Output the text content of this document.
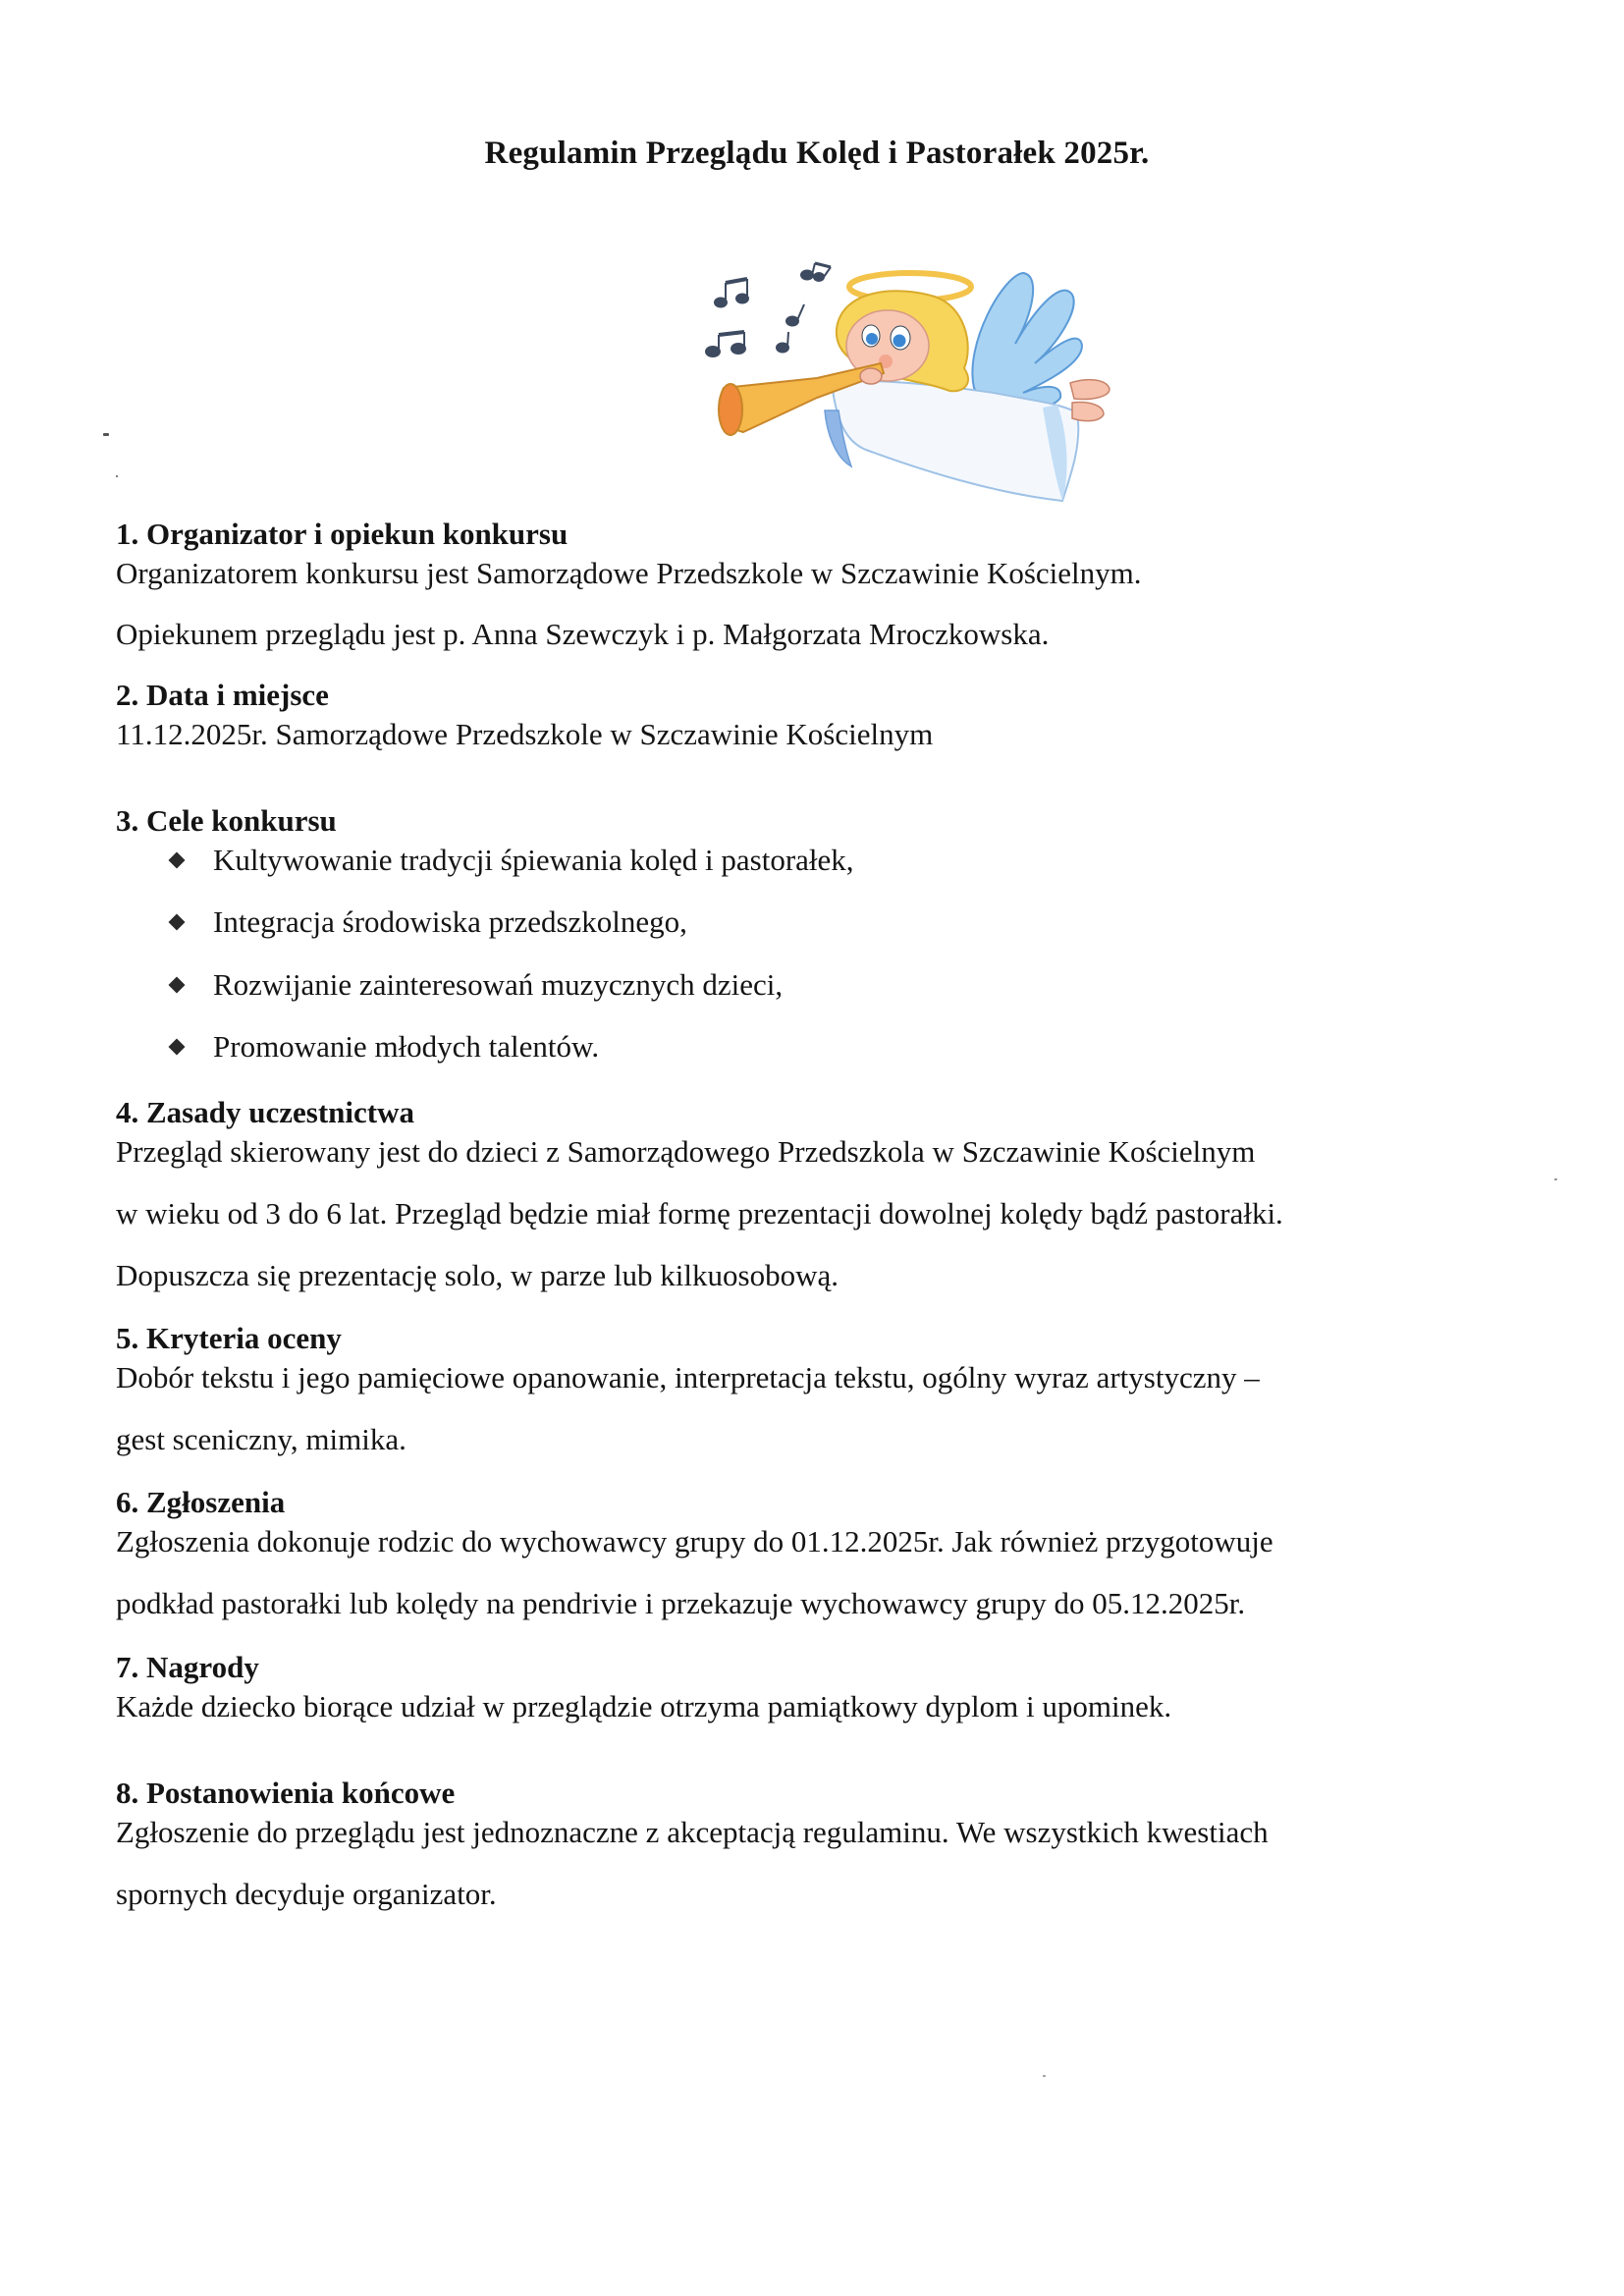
Regulamin Przeglądu Kolęd i Pastorałek 2025r.
1. Organizator i opiekun konkursu
Organizatorem konkursu jest Samorządowe Przedszkole w Szczawinie Kościelnym.
Opiekunem przeglądu jest p. Anna Szewczyk i p. Małgorzata Mroczkowska.
2. Data i miejsce
11.12.2025r. Samorządowe Przedszkole w Szczawinie Kościelnym
3. Cele konkursu
Kultywowanie tradycji śpiewania kolęd i pastorałek,
Integracja środowiska przedszkolnego,
Rozwijanie zainteresowań muzycznych dzieci,
Promowanie młodych talentów.
4. Zasady uczestnictwa
Przegląd skierowany jest do dzieci z Samorządowego Przedszkola w Szczawinie Kościelnym
w wieku od 3 do 6 lat. Przegląd będzie miał formę prezentacji dowolnej kolędy bądź pastorałki.
Dopuszcza się prezentację solo, w parze lub kilkuosobową.
5. Kryteria oceny
Dobór tekstu i jego pamięciowe opanowanie, interpretacja tekstu, ogólny wyraz artystyczny –
gest sceniczny, mimika.
6. Zgłoszenia
Zgłoszenia dokonuje rodzic do wychowawcy grupy do 01.12.2025r. Jak również przygotowuje
podkład pastorałki lub kolędy na pendrivie i przekazuje wychowawcy grupy do 05.12.2025r.
7. Nagrody
Każde dziecko biorące udział w przeglądzie otrzyma pamiątkowy dyplom i upominek.
8. Postanowienia końcowe
Zgłoszenie do przeglądu jest jednoznaczne z akceptacją regulaminu. We wszystkich kwestiach
spornych decyduje organizator.
